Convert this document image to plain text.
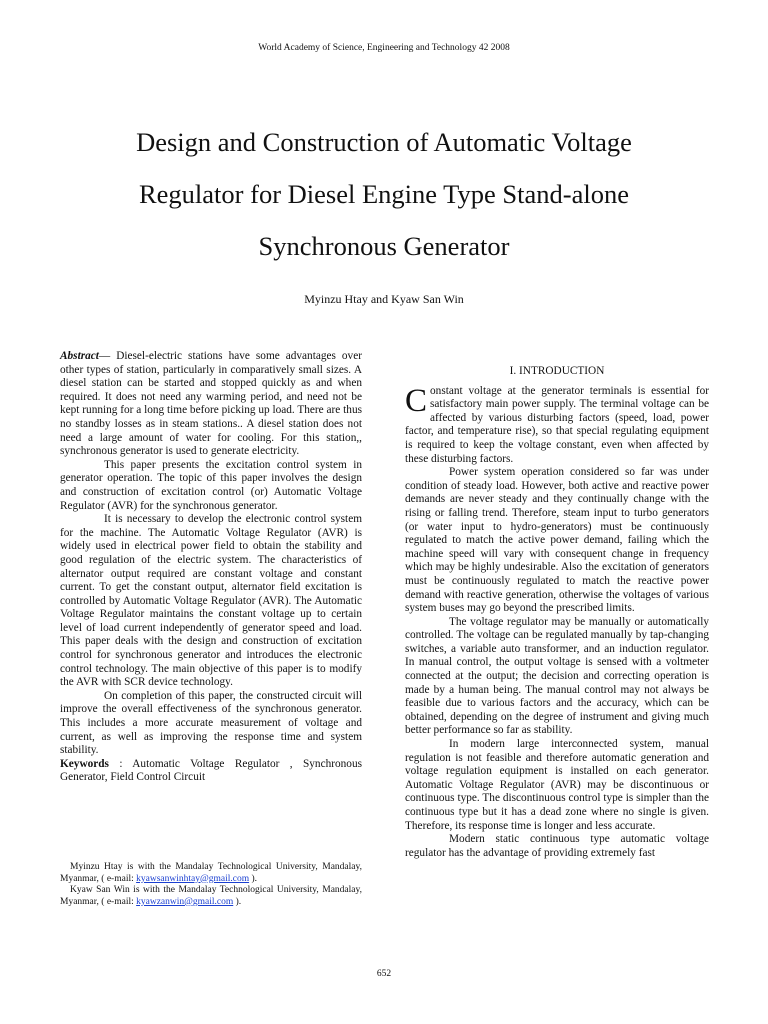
World Academy of Science, Engineering and Technology 42 2008
Design and Construction of Automatic Voltage
Regulator for Diesel Engine Type Stand-alone
Synchronous Generator
Myinzu Htay and Kyaw San Win

Abstract— Diesel-electric stations have some advantages over other types of station, particularly in comparatively small sizes. A diesel station can be started and stopped quickly as and when required. It does not need any warming period, and need not be kept running for a long time before picking up load. There are thus no standby losses as in steam stations.. A diesel station does not need a large amount of water for cooling. For this station,, synchronous generator is used to generate electricity.

This paper presents the excitation control system in generator operation. The topic of this paper involves the design and construction of excitation control (or) Automatic Voltage Regulator (AVR) for the synchronous generator.

It is necessary to develop the electronic control system for the machine. The Automatic Voltage Regulator (AVR) is widely used in electrical power field to obtain the stability and good regulation of the electric system. The characteristics of alternator output required are constant voltage and constant current. To get the constant output, alternator field excitation is controlled by Automatic Voltage Regulator (AVR). The Automatic Voltage Regulator maintains the constant voltage up to certain level of load current independently of generator speed and load. This paper deals with the design and construction of excitation control for synchronous generator and introduces the electronic control technology. The main objective of this paper is to modify the AVR with SCR device technology.

On completion of this paper, the constructed circuit will improve the overall effectiveness of the synchronous generator. This includes a more accurate measurement of voltage and current, as well as improving the response time and system stability.

Keywords : Automatic Voltage Regulator , Synchronous Generator, Field Control Circuit

Myinzu Htay is with the Mandalay Technological University, Mandalay, Myanmar, ( e-mail: kyawsanwinhtay@gmail.com ).

Kyaw San Win is with the Mandalay Technological University, Mandalay, Myanmar, ( e-mail: kyawzanwin@gmail.com ).

I. INTRODUCTION

Constant voltage at the generator terminals is essential for satisfactory main power supply. The terminal voltage can be affected by various disturbing factors (speed, load, power factor, and temperature rise), so that special regulating equipment is required to keep the voltage constant, even when affected by these disturbing factors.

Power system operation considered so far was under condition of steady load. However, both active and reactive power demands are never steady and they continually change with the rising or falling trend. Therefore, steam input to turbo generators (or water input to hydro-generators) must be continuously regulated to match the active power demand, failing which the machine speed will vary with consequent change in frequency which may be highly undesirable. Also the excitation of generators must be continuously regulated to match the reactive power demand with reactive generation, otherwise the voltages of various system buses may go beyond the prescribed limits.

The voltage regulator may be manually or automatically controlled. The voltage can be regulated manually by tap-changing switches, a variable auto transformer, and an induction regulator. In manual control, the output voltage is sensed with a voltmeter connected at the output; the decision and correcting operation is made by a human being. The manual control may not always be feasible due to various factors and the accuracy, which can be obtained, depending on the degree of instrument and giving much better performance so far as stability.

In modern large interconnected system, manual regulation is not feasible and therefore automatic generation and voltage regulation equipment is installed on each generator. Automatic Voltage Regulator (AVR) may be discontinuous or continuous type. The discontinuous control type is simpler than the continuous type but it has a dead zone where no single is given. Therefore, its response time is longer and less accurate.

Modern static continuous type automatic voltage regulator has the advantage of providing extremely fast

652
